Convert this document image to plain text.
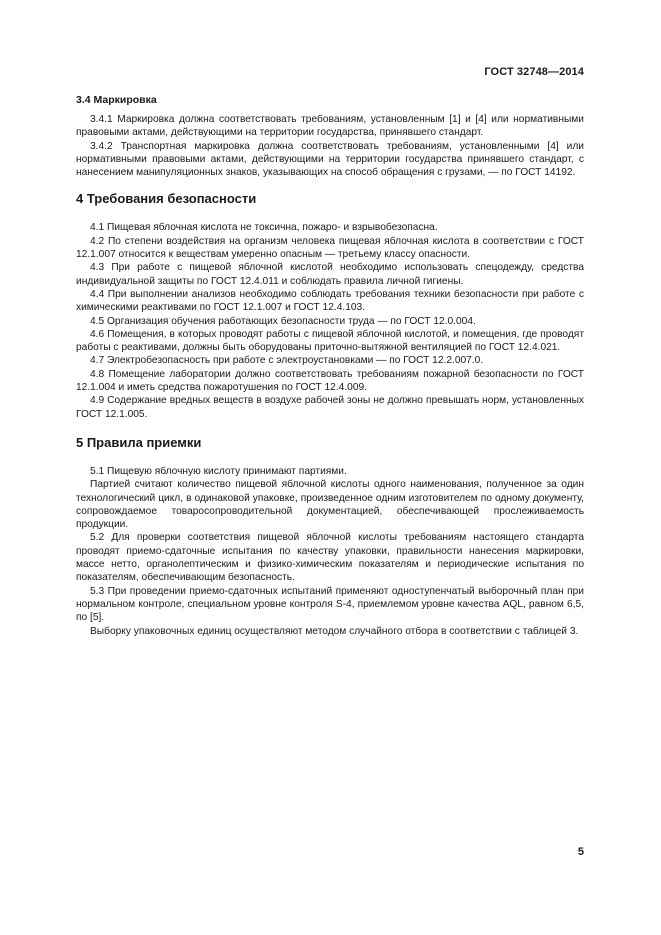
ГОСТ 32748—2014
3.4 Маркировка

3.4.1 Маркировка должна соответствовать требованиям, установленным [1] и [4] или нормативными правовыми актами, действующими на территории государства, принявшего стандарт.

3.4.2 Транспортная маркировка должна соответствовать требованиям, установленными [4] или нормативными правовыми актами, действующими на территории государства принявшего стандарт, с нанесением манипуляционных знаков, указывающих на способ обращения с грузами, — по ГОСТ 14192.

4 Требования безопасности

4.1 Пищевая яблочная кислота не токсична, пожаро- и взрывобезопасна.

4.2 По степени воздействия на организм человека пищевая яблочная кислота в соответствии с ГОСТ 12.1.007 относится к веществам умеренно опасным — третьему классу опасности.

4.3 При работе с пищевой яблочной кислотой необходимо использовать спецодежду, средства индивидуальной защиты по ГОСТ 12.4.011 и соблюдать правила личной гигиены.

4.4 При выполнении анализов необходимо соблюдать требования техники безопасности при работе с химическими реактивами по ГОСТ 12.1.007 и ГОСТ 12.4.103.

4.5 Организация обучения работающих безопасности труда — по ГОСТ 12.0.004.

4.6 Помещения, в которых проводят работы с пищевой яблочной кислотой, и помещения, где проводят работы с реактивами, должны быть оборудованы приточно-вытяжной вентиляцией по ГОСТ 12.4.021.

4.7 Электробезопасность при работе с электроустановками — по ГОСТ 12.2.007.0.

4.8 Помещение лаборатории должно соответствовать требованиям пожарной безопасности по ГОСТ 12.1.004 и иметь средства пожаротушения по ГОСТ 12.4.009.

4.9 Содержание вредных веществ в воздухе рабочей зоны не должно превышать норм, установленных ГОСТ 12.1.005.

5 Правила приемки

5.1 Пищевую яблочную кислоту принимают партиями.

Партией считают количество пищевой яблочной кислоты одного наименования, полученное за один технологический цикл, в одинаковой упаковке, произведенное одним изготовителем по одному документу, сопровождаемое товаросопроводительной документацией, обеспечивающей прослеживаемость продукции.

5.2 Для проверки соответствия пищевой яблочной кислоты требованиям настоящего стандарта проводят приемо-сдаточные испытания по качеству упаковки, правильности нанесения маркировки, массе нетто, органолептическим и физико-химическим показателям и периодические испытания по показателям, обеспечивающим безопасность.

5.3 При проведении приемо-сдаточных испытаний применяют одноступенчатый выборочный план при нормальном контроле, специальном уровне контроля S-4, приемлемом уровне качества AQL, равном 6,5, по [5].

Выборку упаковочных единиц осуществляют методом случайного отбора в соответствии с таблицей 3.

5
